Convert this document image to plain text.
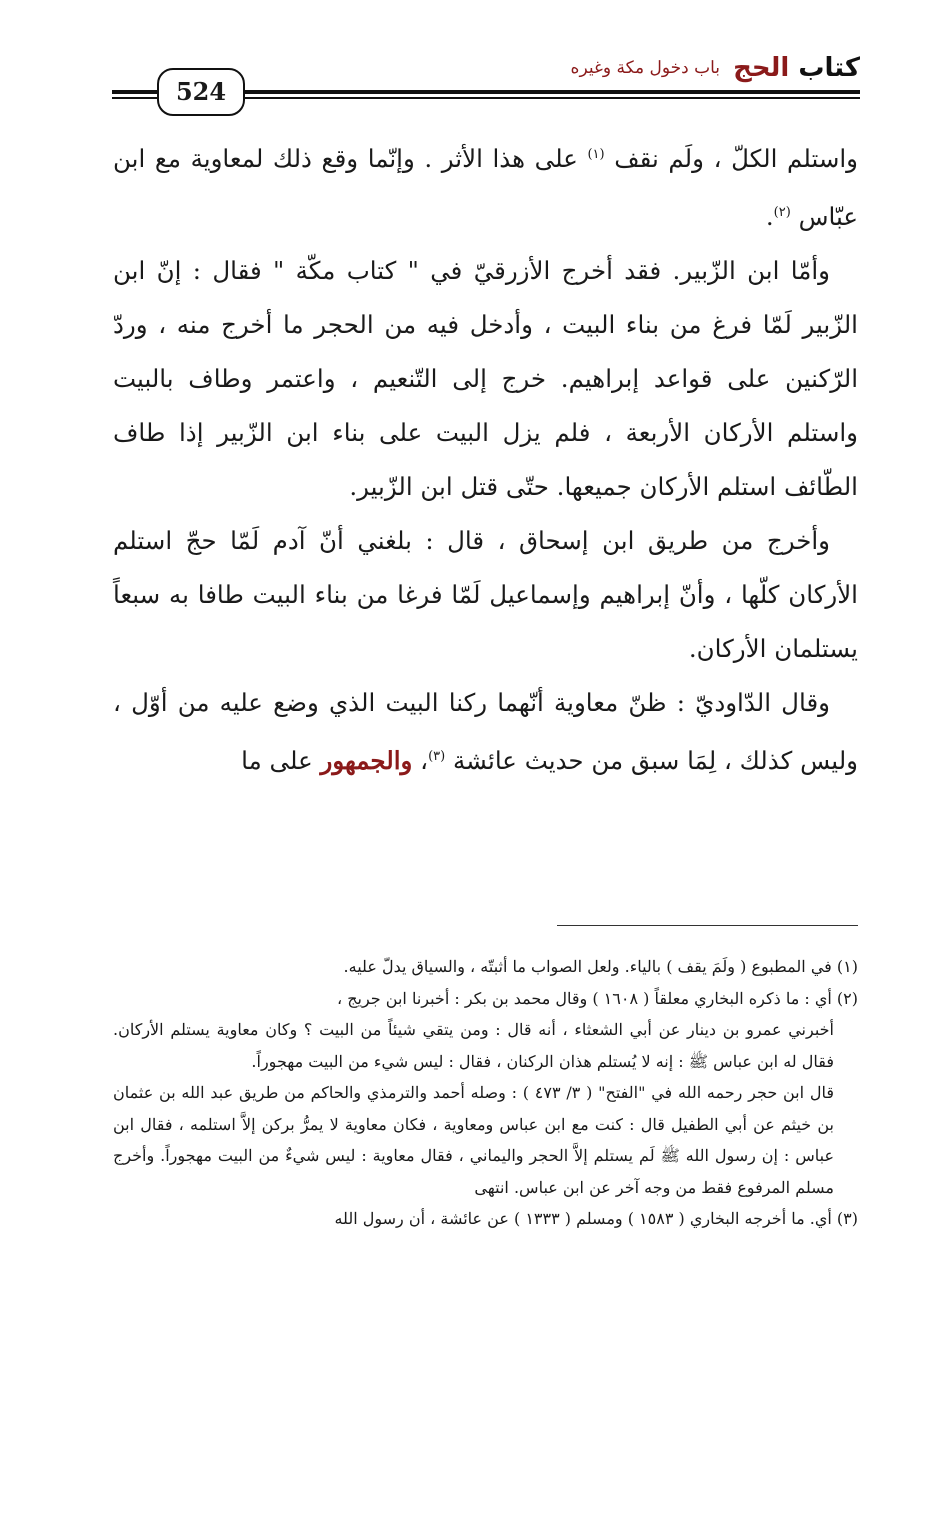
كتاب الحج
باب دخول مكة وغيره
524

واستلم الكلّ ، ولَم نقف $^{(١)}$ على هذا الأثر . وإنّما وقع ذلك لمعاوية مع ابن عبّاس $^{(٢)}$.

وأمّا ابن الزّبير. فقد أخرج الأزرقيّ في " كتاب مكّة " فقال : إنّ ابن الزّبير لَمّا فرغ من بناء البيت ، وأدخل فيه من الحجر ما أخرج منه ، وردّ الرّكنين على قواعد إبراهيم. خرج إلى التّنعيم ، واعتمر وطاف بالبيت واستلم الأركان الأربعة ، فلم يزل البيت على بناء ابن الزّبير إذا طاف الطّائف استلم الأركان جميعها. حتّى قتل ابن الزّبير.

وأخرج من طريق ابن إسحاق ، قال : بلغني أنّ آدم لَمّا حجّ استلم الأركان كلّها ، وأنّ إبراهيم وإسماعيل لَمّا فرغا من بناء البيت طافا به سبعاً يستلمان الأركان.

وقال الدّاوديّ : ظنّ معاوية أنّهما ركنا البيت الذي وضع عليه من أوّل ، وليس كذلك ، لِمَا سبق من حديث عائشة $^{(٣)}$، والجمهور على ما

(١) في المطبوع ( ولَمَ يقف ) بالياء. ولعل الصواب ما أثبتّه ، والسياق يدلّ عليه.

(٢) أي : ما ذكره البخاري معلقاً ( ١٦٠٨ ) وقال محمد بن بكر : أخبرنا ابن جريج ،

أخبرني عمرو بن دينار عن أبي الشعثاء ، أنه قال : ومن يتقي شيئاً من البيت ؟ وكان معاوية يستلم الأركان. فقال له ابن عباس ﷺ : إنه لا يُستلم هذان الركنان ، فقال : ليس شيء من البيت مهجوراً.

قال ابن حجر رحمه الله في "الفتح" ( ٣/ ٤٧٣ ) : وصله أحمد والترمذي والحاكم من طريق عبد الله بن عثمان بن خيثم عن أبي الطفيل قال : كنت مع ابن عباس ومعاوية ، فكان معاوية لا يمرُّ بركن إلاَّ استلمه ، فقال ابن عباس : إن رسول الله ﷺ لَم يستلم إلاَّ الحجر واليماني ، فقال معاوية : ليس شيءٌ من البيت مهجوراً. وأخرج مسلم المرفوع فقط من وجه آخر عن ابن عباس. انتهى

(٣) أي. ما أخرجه البخاري ( ١٥٨٣ ) ومسلم ( ١٣٣٣ ) عن عائشة ، أن رسول الله
